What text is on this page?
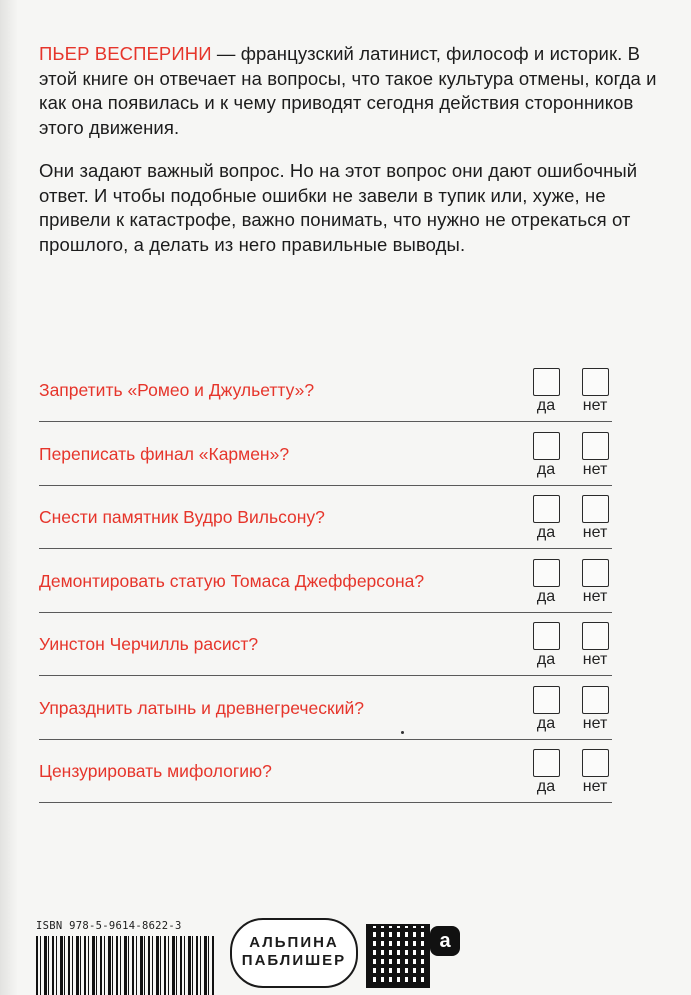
ПЬЕР ВЕСПЕРИНИ — французский латинист, философ и историк. В этой книге он отвечает на вопросы, что такое культура отмены, когда и как она появилась и к чему приводят сегодня действия сторонников этого движения.

Они задают важный вопрос. Но на этот вопрос они дают ошибочный ответ. И чтобы подобные ошибки не завели в тупик или, хуже, не привели к катастрофе, важно понимать, что нужно не отрекаться от прошлого, а делать из него правильные выводы.

Запретить «Ромео и Джульетту»?
да	нет
Переписать финал «Кармен»?
да	нет
Снести памятник Вудро Вильсону?
да	нет
Демонтировать статую Томаса Джефферсона?
да	нет
Уинстон Черчилль расист?
да	нет
Упразднить латынь и древнегреческий?
да	нет
Цензурировать мифологию?
да	нет
ISBN 978-5-9614-8622-3
АЛЬПИНА
ПАБЛИШЕР
a
